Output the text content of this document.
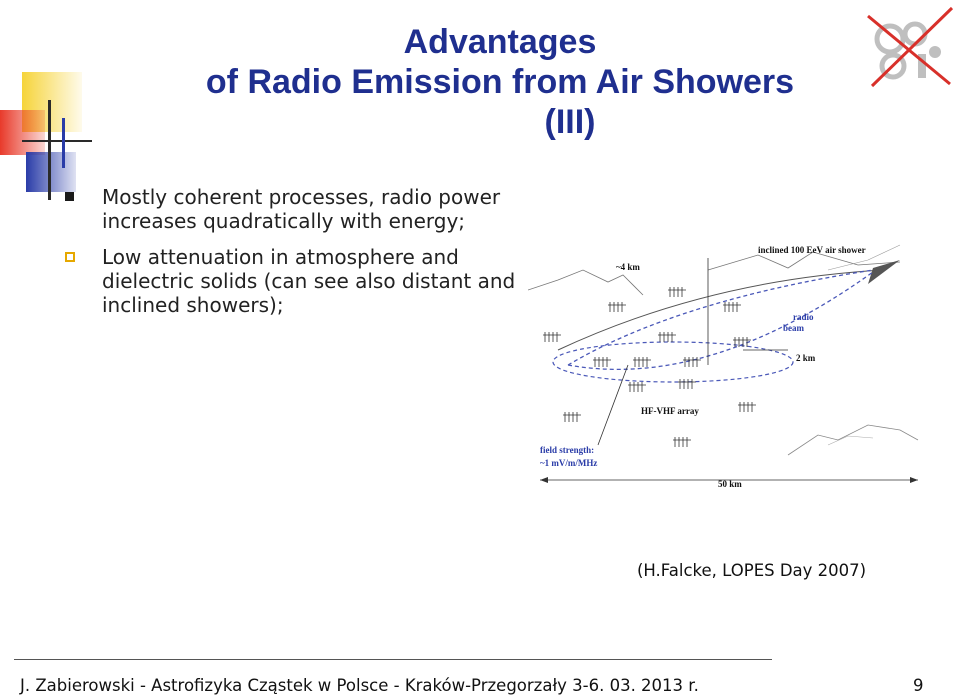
Advantages
of Radio Emission from Air Showers
(III)
Mostly coherent processes, radio power increases quadratically with energy;
Low attenuation in atmosphere and dielectric solids (can see also distant and inclined showers);
inclined 100 EeV air shower
~4 km
radio
beam
2 km
HF-VHF array
field strength:
~1 mV/m/MHz
50 km
(H.Falcke, LOPES Day 2007)
J. Zabierowski - Astrofizyka Cząstek w Polsce - Kraków-Przegorzały 3-6. 03. 2013 r.	9
